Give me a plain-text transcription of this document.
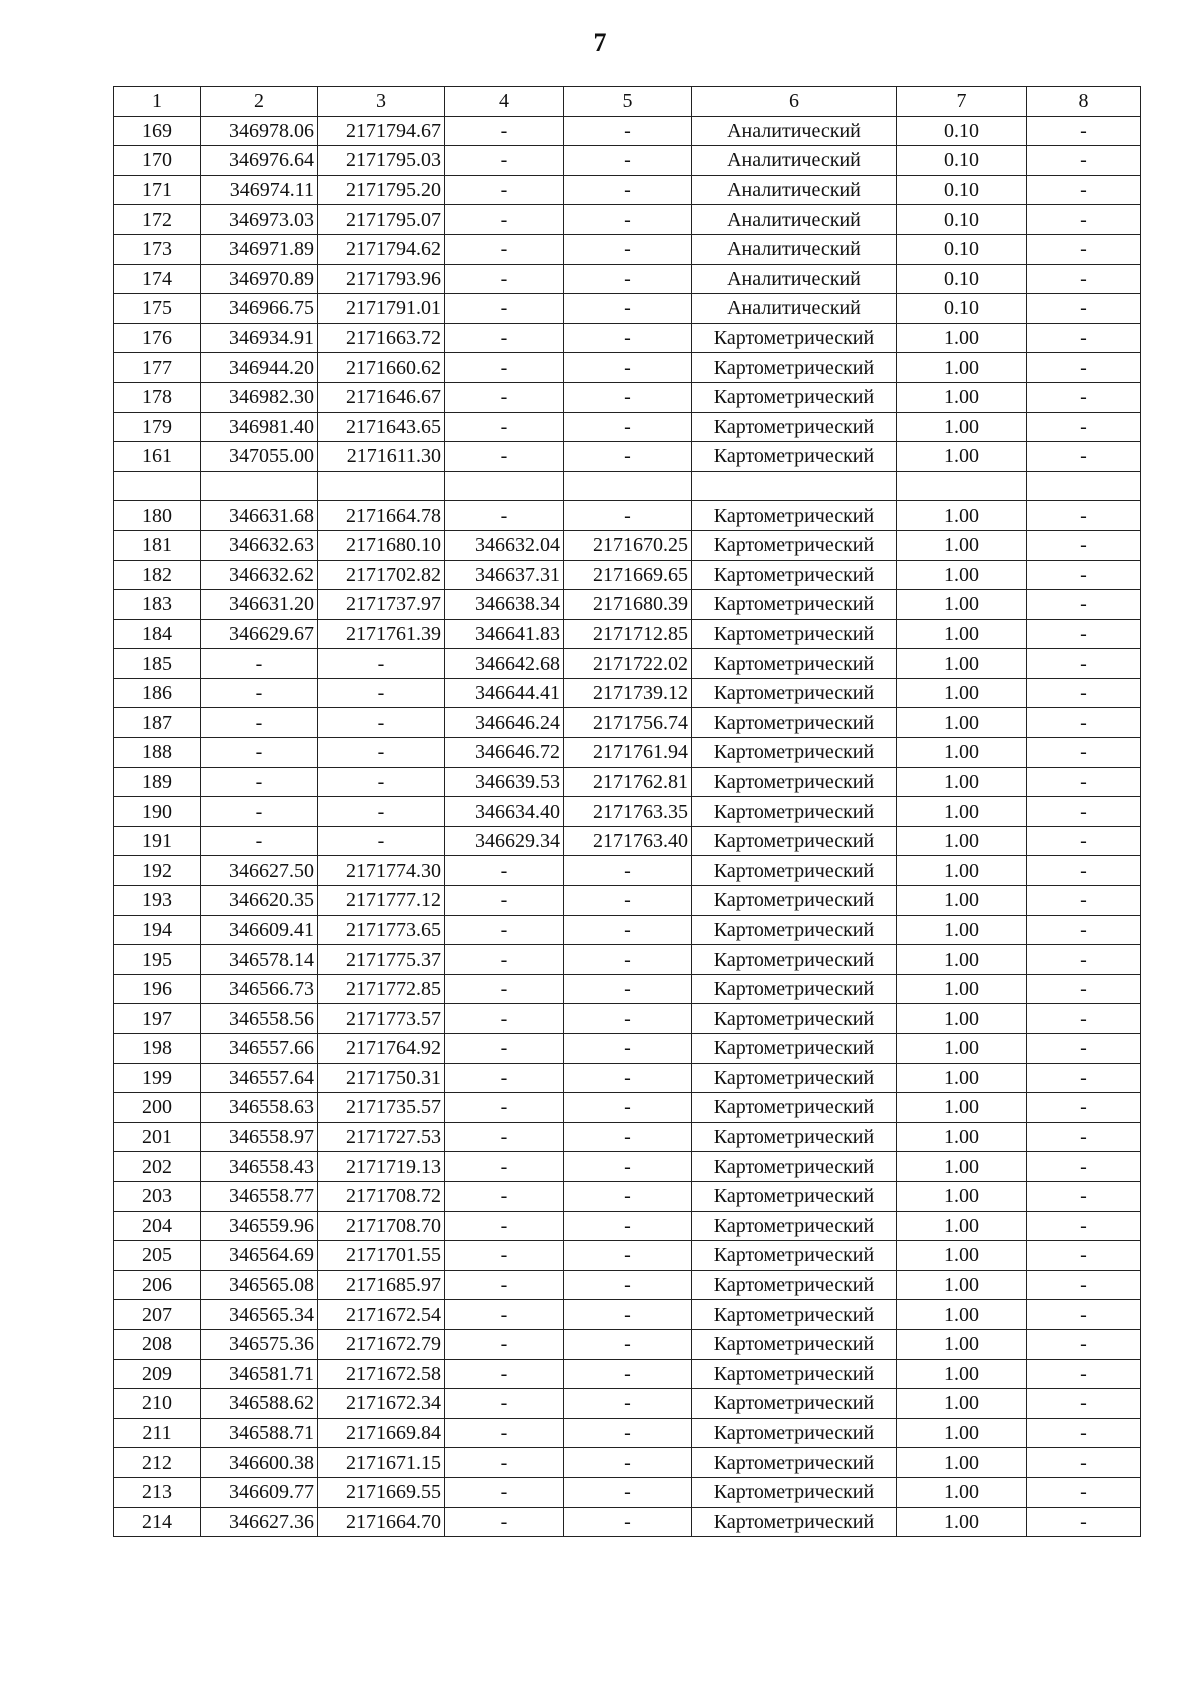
7
1	2	3	4	5	6	7	8
169	346978.06	2171794.67	-	-	Аналитический	0.10	-
170	346976.64	2171795.03	-	-	Аналитический	0.10	-
171	346974.11	2171795.20	-	-	Аналитический	0.10	-
172	346973.03	2171795.07	-	-	Аналитический	0.10	-
173	346971.89	2171794.62	-	-	Аналитический	0.10	-
174	346970.89	2171793.96	-	-	Аналитический	0.10	-
175	346966.75	2171791.01	-	-	Аналитический	0.10	-
176	346934.91	2171663.72	-	-	Картометрический	1.00	-
177	346944.20	2171660.62	-	-	Картометрический	1.00	-
178	346982.30	2171646.67	-	-	Картометрический	1.00	-
179	346981.40	2171643.65	-	-	Картометрический	1.00	-
161	347055.00	2171611.30	-	-	Картометрический	1.00	-

180	346631.68	2171664.78	-	-	Картометрический	1.00	-
181	346632.63	2171680.10	346632.04	2171670.25	Картометрический	1.00	-
182	346632.62	2171702.82	346637.31	2171669.65	Картометрический	1.00	-
183	346631.20	2171737.97	346638.34	2171680.39	Картометрический	1.00	-
184	346629.67	2171761.39	346641.83	2171712.85	Картометрический	1.00	-
185	-	-	346642.68	2171722.02	Картометрический	1.00	-
186	-	-	346644.41	2171739.12	Картометрический	1.00	-
187	-	-	346646.24	2171756.74	Картометрический	1.00	-
188	-	-	346646.72	2171761.94	Картометрический	1.00	-
189	-	-	346639.53	2171762.81	Картометрический	1.00	-
190	-	-	346634.40	2171763.35	Картометрический	1.00	-
191	-	-	346629.34	2171763.40	Картометрический	1.00	-
192	346627.50	2171774.30	-	-	Картометрический	1.00	-
193	346620.35	2171777.12	-	-	Картометрический	1.00	-
194	346609.41	2171773.65	-	-	Картометрический	1.00	-
195	346578.14	2171775.37	-	-	Картометрический	1.00	-
196	346566.73	2171772.85	-	-	Картометрический	1.00	-
197	346558.56	2171773.57	-	-	Картометрический	1.00	-
198	346557.66	2171764.92	-	-	Картометрический	1.00	-
199	346557.64	2171750.31	-	-	Картометрический	1.00	-
200	346558.63	2171735.57	-	-	Картометрический	1.00	-
201	346558.97	2171727.53	-	-	Картометрический	1.00	-
202	346558.43	2171719.13	-	-	Картометрический	1.00	-
203	346558.77	2171708.72	-	-	Картометрический	1.00	-
204	346559.96	2171708.70	-	-	Картометрический	1.00	-
205	346564.69	2171701.55	-	-	Картометрический	1.00	-
206	346565.08	2171685.97	-	-	Картометрический	1.00	-
207	346565.34	2171672.54	-	-	Картометрический	1.00	-
208	346575.36	2171672.79	-	-	Картометрический	1.00	-
209	346581.71	2171672.58	-	-	Картометрический	1.00	-
210	346588.62	2171672.34	-	-	Картометрический	1.00	-
211	346588.71	2171669.84	-	-	Картометрический	1.00	-
212	346600.38	2171671.15	-	-	Картометрический	1.00	-
213	346609.77	2171669.55	-	-	Картометрический	1.00	-
214	346627.36	2171664.70	-	-	Картометрический	1.00	-
